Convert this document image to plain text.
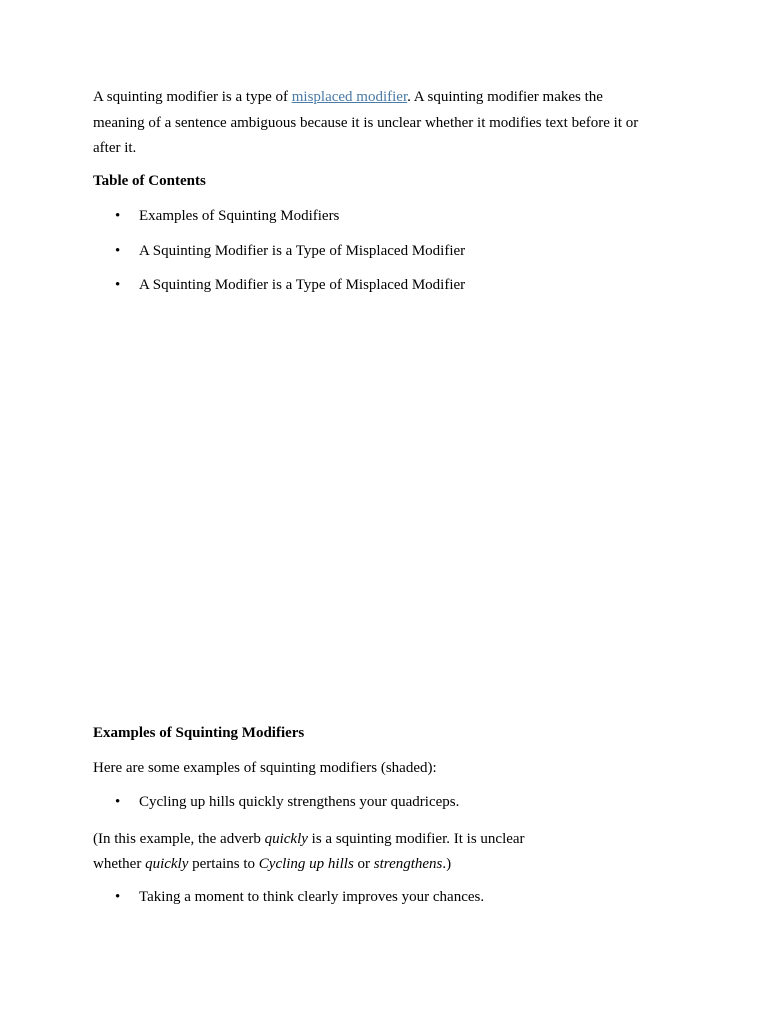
A squinting modifier is a type of misplaced modifier. A squinting modifier makes the
meaning of a sentence ambiguous because it is unclear whether it modifies text before it or
after it.
Table of Contents
• Examples of Squinting Modifiers
• A Squinting Modifier is a Type of Misplaced Modifier
• A Squinting Modifier is a Type of Misplaced Modifier
Examples of Squinting Modifiers
Here are some examples of squinting modifiers (shaded):
• Cycling up hills quickly strengthens your quadriceps.
(In this example, the adverb quickly is a squinting modifier. It is unclear
whether quickly pertains to Cycling up hills or strengthens.)
• Taking a moment to think clearly improves your chances.
